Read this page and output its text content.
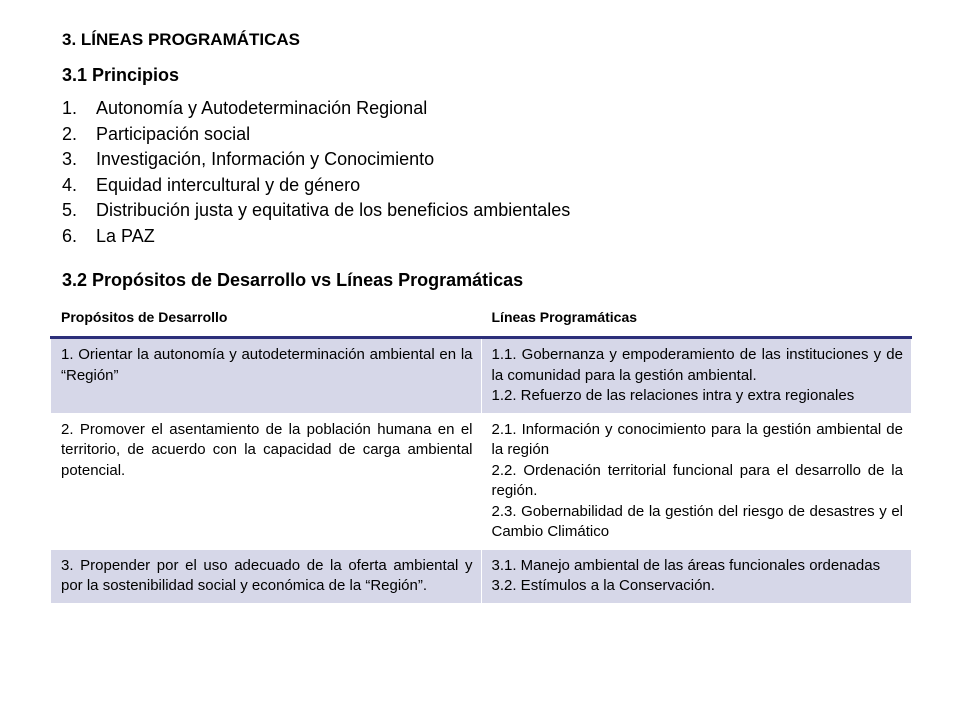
3. LÍNEAS PROGRAMÁTICAS
3.1 Principios
1.	Autonomía y Autodeterminación Regional
2.	Participación social
3.	Investigación, Información y Conocimiento
4.	Equidad intercultural y de género
5.	Distribución justa y equitativa de los beneficios ambientales
6.	La PAZ
3.2 Propósitos de Desarrollo vs Líneas Programáticas
Propósitos de Desarrollo	Líneas Programáticas
1. Orientar la autonomía y autodeterminación ambiental en la “Región”	1.1. Gobernanza y empoderamiento de las instituciones y de la comunidad para la gestión ambiental.
1.2. Refuerzo de las relaciones intra y extra regionales

2. Promover el asentamiento de la población humana en el territorio, de acuerdo con la capacidad de carga ambiental potencial.	2.1. Información y conocimiento para la gestión ambiental de la región
2.2. Ordenación territorial funcional para el desarrollo de la región.
2.3. Gobernabilidad de la gestión del riesgo de desastres y el Cambio Climático

3. Propender por el uso adecuado de la oferta ambiental y por la sostenibilidad social y económica de la “Región”.	3.1. Manejo ambiental de las áreas funcionales ordenadas
3.2. Estímulos a la Conservación.
